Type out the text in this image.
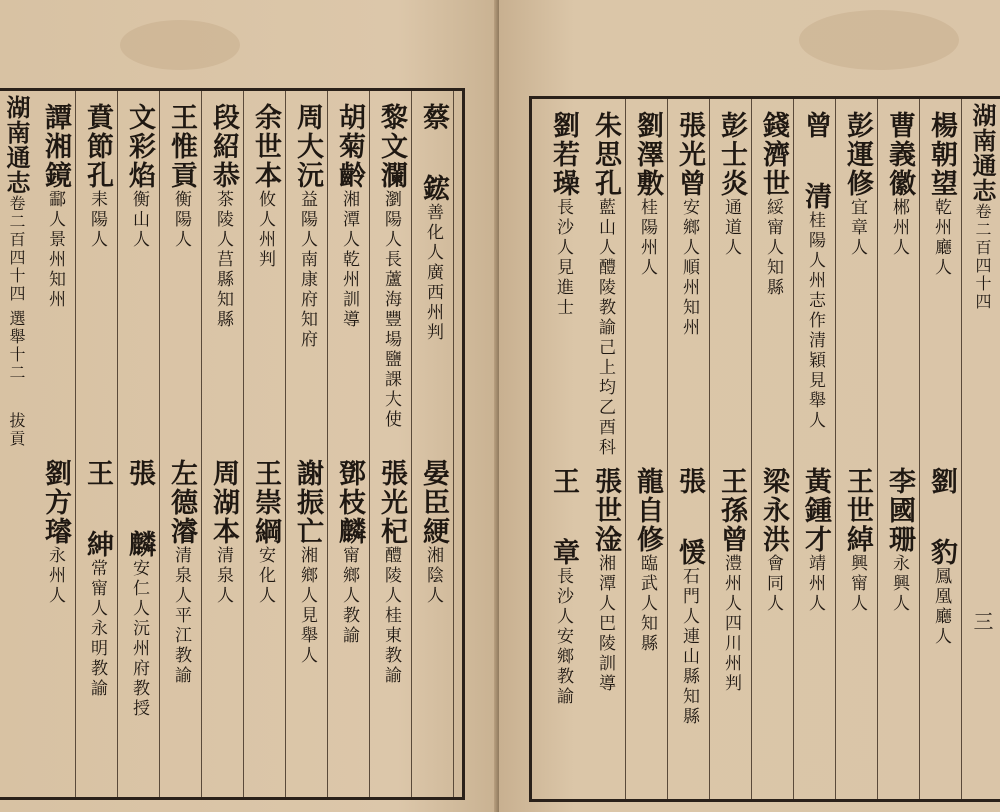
蔡鋐善化人廣西州判
晏臣綆湘陰人
黎文瀾瀏陽人長蘆海豐場鹽課大使
張光杞醴陵人桂東教諭
胡菊齡湘潭人乾州訓導
鄧枝麟甯鄉人教諭
周大沅益陽人南康府知府
謝振亡湘鄉人見舉人
余世本攸人州判
王崇綱安化人
段紹恭茶陵人莒縣知縣
周湖本清泉人
王惟貢衡陽人
左德濬清泉人平江教諭
文彩焰衡山人
張麟安仁人沅州府教授
賁節孔耒陽人
王紳常甯人永明教諭
譚湘鏡酃人景州知州
劉方璿永州人
湖南通志卷二百四十四 選舉十二拔貢
湖南通志卷二百四十四三
楊朝望乾州廳人
劉豹鳳凰廳人
曹義徽郴州人
李國珊永興人
彭運修宜章人
王世綽興甯人
曾清桂陽人州志作清穎見舉人
黃鍾才靖州人
錢濟世綏甯人知縣
梁永洪會同人
彭士炎通道人
王孫曾澧州人四川州判
張光曾安鄉人順州知州
張愋石門人連山縣知縣
劉澤敷桂陽州人
龍自修臨武人知縣
朱思孔藍山人醴陵教諭己上均乙酉科
張世淦湘潭人巴陵訓導
劉若璪長沙人見進士
王章長沙人安鄉教諭
